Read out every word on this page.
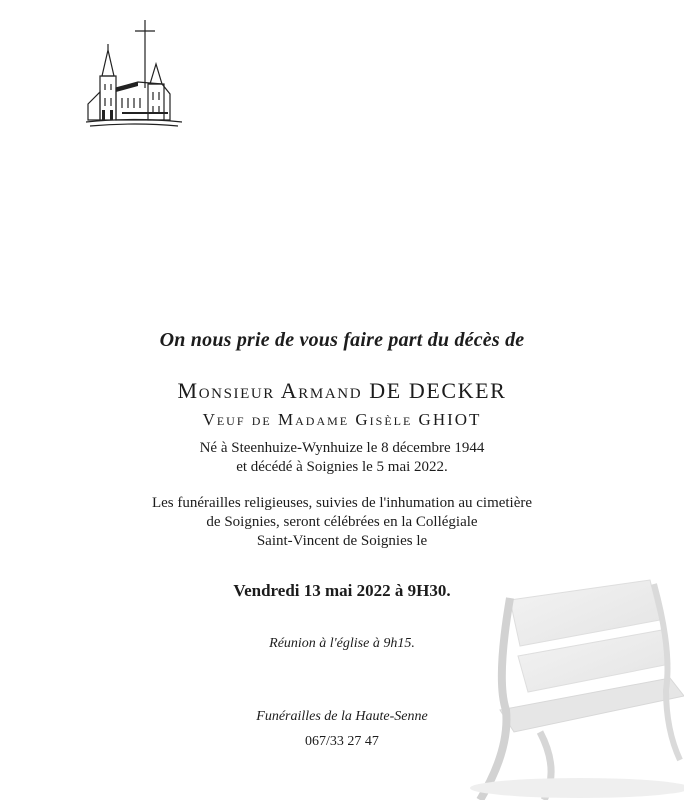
On nous prie de vous faire part du décès de
Monsieur Armand DE DECKER
Veuf de Madame Gisèle GHIOT
Né à Steenhuize-Wynhuize le 8 décembre 1944
et décédé à Soignies le 5 mai 2022.
Les funérailles religieuses, suivies de l'inhumation au cimetière
de Soignies, seront célébrées en la Collégiale
Saint-Vincent de Soignies le
Vendredi 13 mai 2022 à 9H30.
Réunion à l'église à 9h15.
Funérailles de la Haute-Senne
067/33 27 47
